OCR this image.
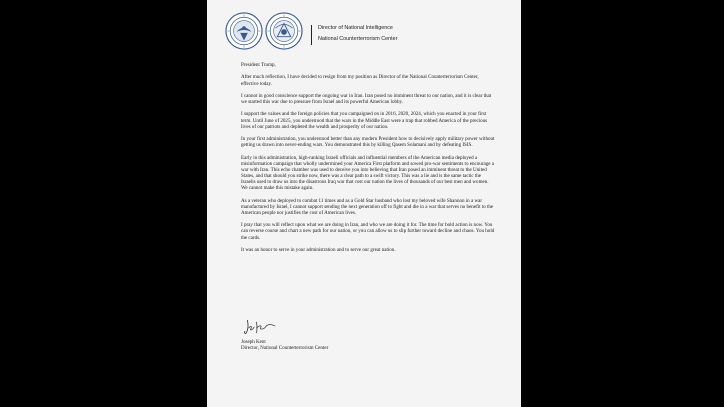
Director of National Intelligence
National Counterterrorism Center

President Trump,

After much reflection, I have decided to resign from my position as Director of the National Counterterrorism Center, effective today.

I cannot in good conscience support the ongoing war in Iran. Iran posed no imminent threat to our nation, and it is clear that we started this war due to pressure from Israel and its powerful American lobby.

I support the values and the foreign policies that you campaigned on in 2016, 2020, 2024, which you enacted in your first term. Until June of 2025, you understood that the wars in the Middle East were a trap that robbed America of the precious lives of our patriots and depleted the wealth and prosperity of our nation.

In your first administration, you understood better than any modern President how to decisively apply military power without getting us drawn into never-ending wars. You demonstrated this by killing Qasem Solamani and by defeating ISIS.

Early in this administration, high-ranking Israeli officials and influential members of the American media deployed a misinformation campaign that wholly undermined your America First platform and sowed pro-war sentiments to encourage a war with Iran. This echo chamber was used to deceive you into believing that Iran posed an imminent threat to the United States, and that should you strike now, there was a clear path to a swift victory. This was a lie and is the same tactic the Israelis used to draw us into the disastrous Iraq war that cost our nation the lives of thousands of our best men and women. We cannot make this mistake again.

As a veteran who deployed to combat 11 times and as a Gold Star husband who lost my beloved wife Shannon in a war manufactured by Israel, I cannot support sending the next generation off to fight and die in a war that serves no benefit to the American people nor justifies the cost of American lives.

I pray that you will reflect upon what we are doing in Iran, and who we are doing it for. The time for bold action is now. You can reverse course and chart a new path for our nation, or you can allow us to slip further toward decline and chaos. You hold the cards.

It was an honor to serve in your administration and to serve our great nation.

Joseph Kent
Director, National Counterterrorism Center
